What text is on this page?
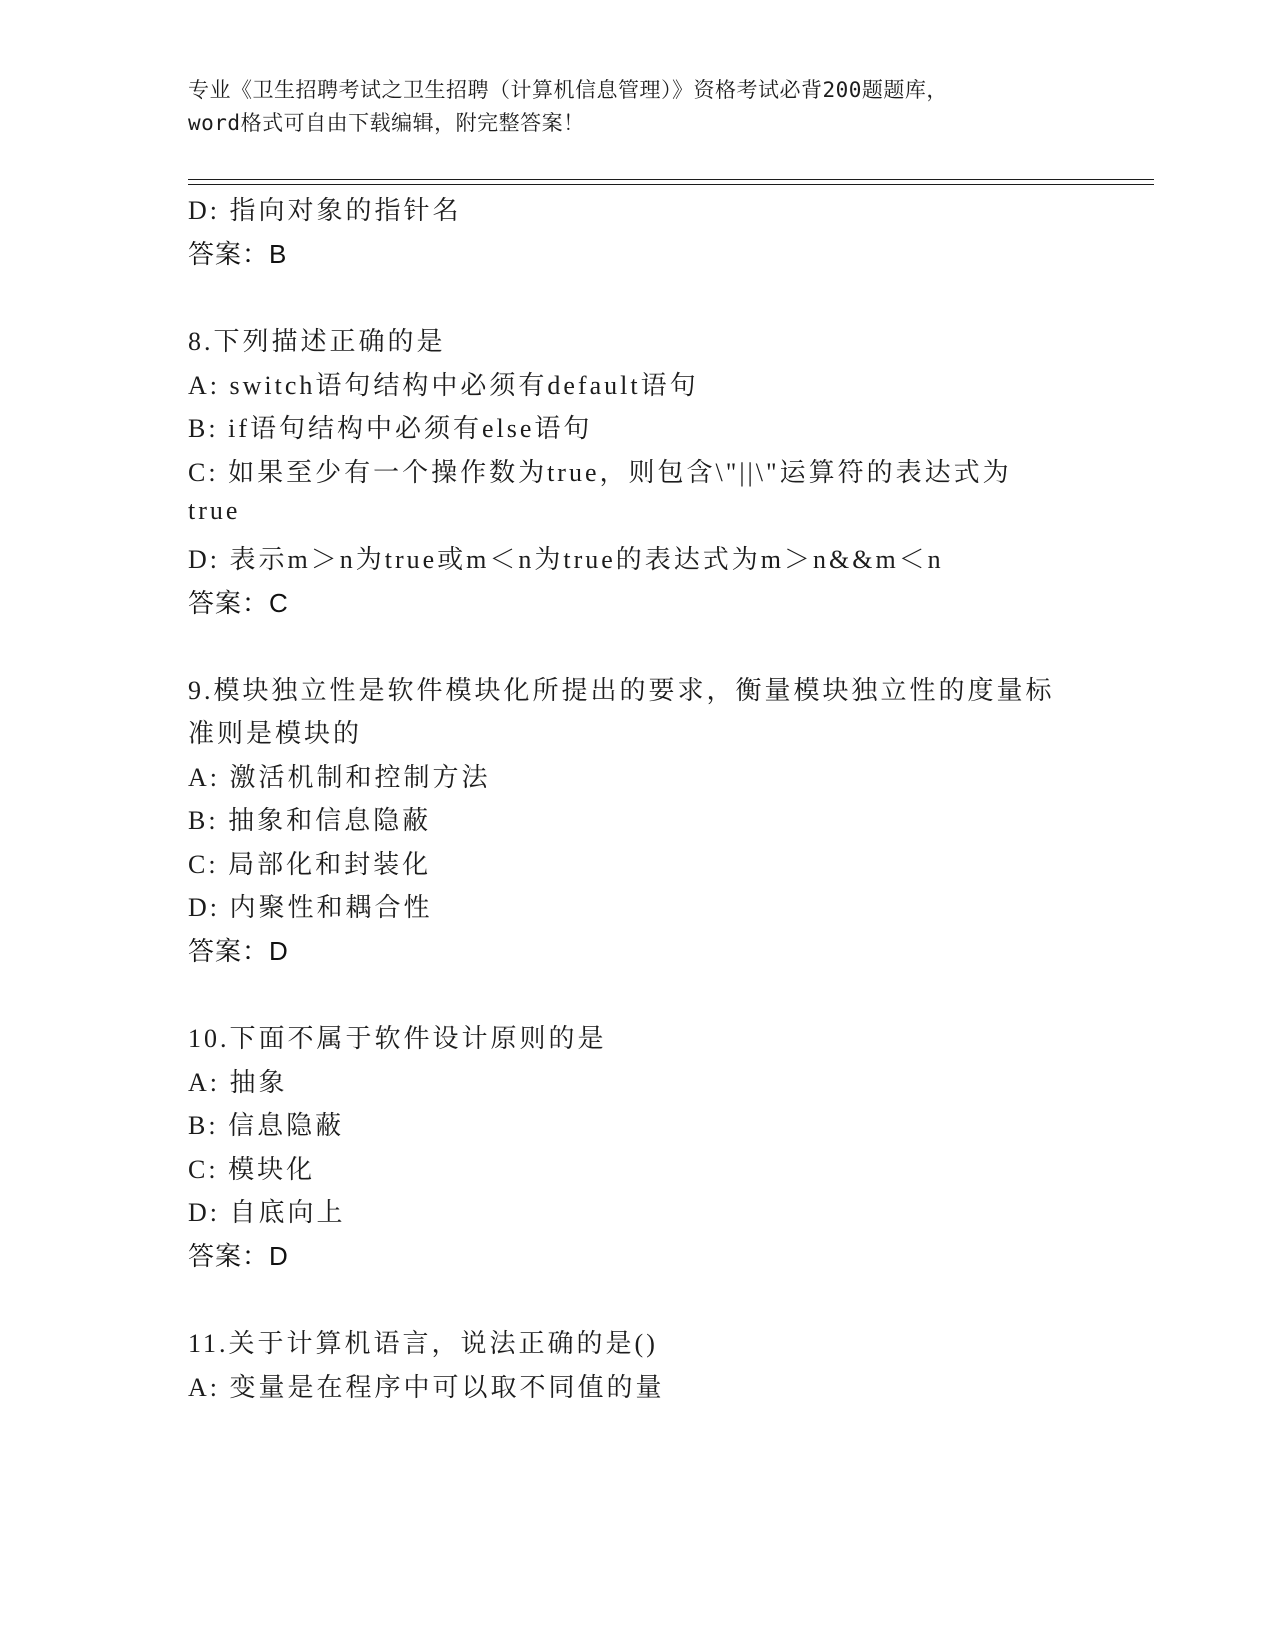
专业《卫生招聘考试之卫生招聘（计算机信息管理）》资格考试必背200题题库，
word格式可自由下载编辑，附完整答案！
D: 指向对象的指针名
答案：B
8.下列描述正确的是
A: switch语句结构中必须有default语句
B: if语句结构中必须有else语句
C: 如果至少有一个操作数为true，则包含\"||\"运算符的表达式为
true
D: 表示m＞n为true或m＜n为true的表达式为m＞n&&m＜n
答案：C
9.模块独立性是软件模块化所提出的要求，衡量模块独立性的度量标
准则是模块的
A: 激活机制和控制方法
B: 抽象和信息隐蔽
C: 局部化和封装化
D: 内聚性和耦合性
答案：D
10.下面不属于软件设计原则的是
A: 抽象
B: 信息隐蔽
C: 模块化
D: 自底向上
答案：D
11.关于计算机语言，说法正确的是()
A: 变量是在程序中可以取不同值的量
